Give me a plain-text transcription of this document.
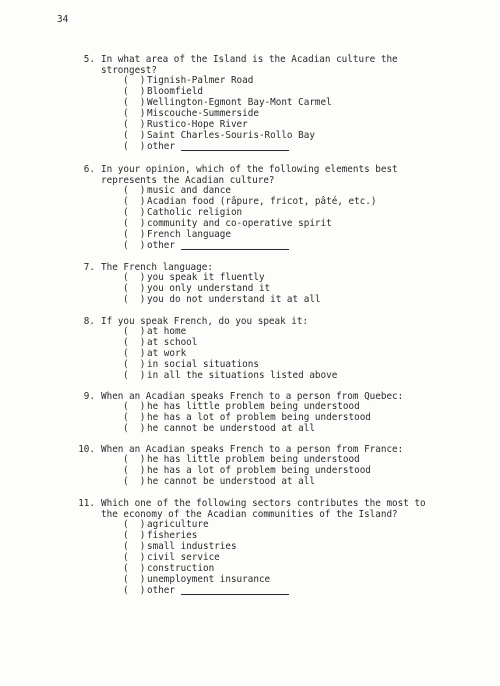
34
5. In what area of the Island is the Acadian culture the
strongest?
(  ) Tignish-Palmer Road
(  ) Bloomfield
(  ) Wellington-Egmont Bay-Mont Carmel
(  ) Miscouche-Summerside
(  ) Rustico-Hope River
(  ) Saint Charles-Souris-Rollo Bay
(  ) other
6. In your opinion, which of the following elements best
represents the Acadian culture?
(  ) music and dance
(  ) Acadian food (râpure, fricot, pâté, etc.)
(  ) Catholic religion
(  ) community and co-operative spirit
(  ) French language
(  ) other
7. The French language:
(  ) you speak it fluently
(  ) you only understand it
(  ) you do not understand it at all
8. If you speak French, do you speak it:
(  ) at home
(  ) at school
(  ) at work
(  ) in social situations
(  ) in all the situations listed above
9. When an Acadian speaks French to a person from Quebec:
(  ) he has little problem being understood
(  ) he has a lot of problem being understood
(  ) he cannot be understood at all
10. When an Acadian speaks French to a person from France:
(  ) he has little problem being understood
(  ) he has a lot of problem being understood
(  ) he cannot be understood at all
11. Which one of the following sectors contributes the most to
the economy of the Acadian communities of the Island?
(  ) agriculture
(  ) fisheries
(  ) small industries
(  ) civil service
(  ) construction
(  ) unemployment insurance
(  ) other
